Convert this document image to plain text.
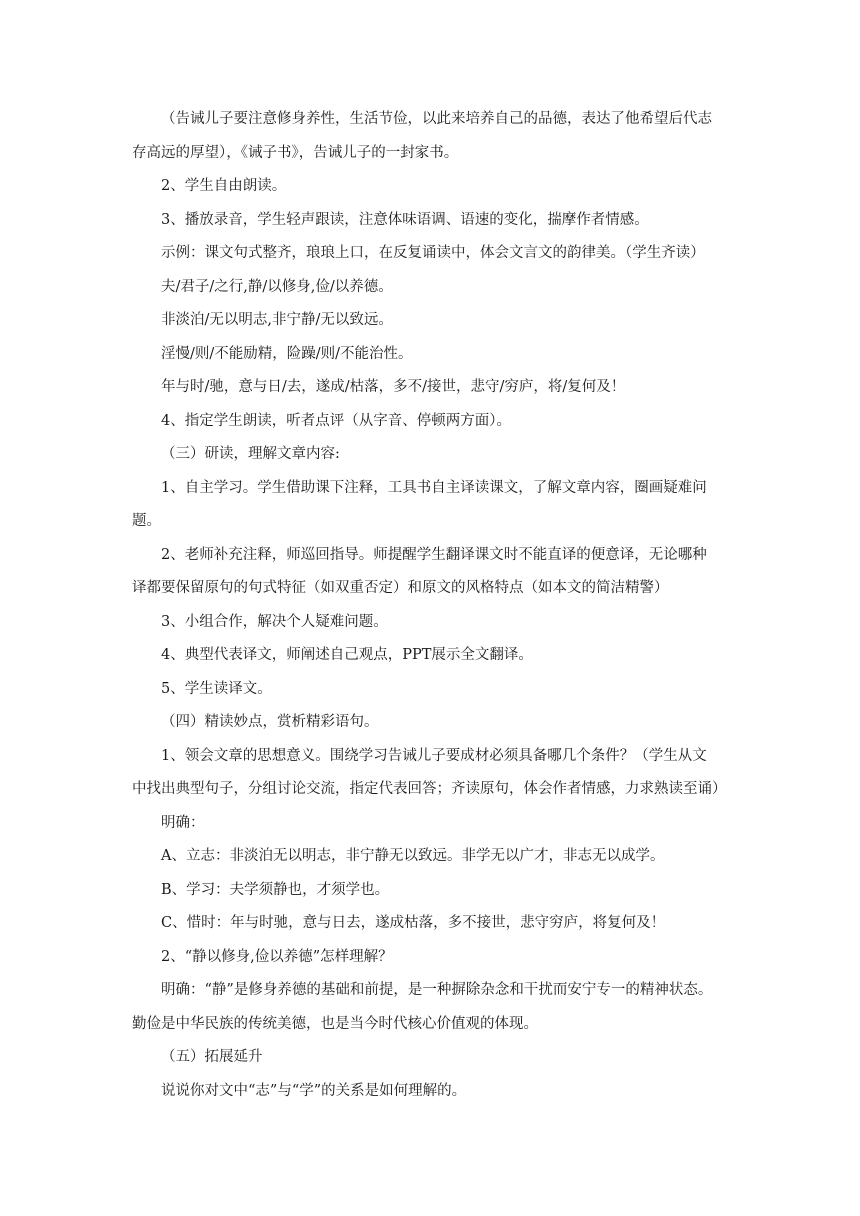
（告诫儿子要注意修身养性，生活节俭，以此来培养自己的品德，表达了他希望后代志

存高远的厚望），《诫子书》，告诫儿子的一封家书。

2、学生自由朗读。

3、播放录音，学生轻声跟读，注意体味语调、语速的变化，揣摩作者情感。

示例：课文句式整齐，琅琅上口，在反复诵读中，体会文言文的韵律美。（学生齐读）

夫/君子/之行,静/以修身,俭/以养德。

非淡泊/无以明志,非宁静/无以致远。

淫慢/则/不能励精，险躁/则/不能治性。

年与时/驰，意与日/去，遂成/枯落，多不/接世，悲守/穷庐，将/复何及！

4、指定学生朗读，听者点评（从字音、停顿两方面）。

（三）研读，理解文章内容:

1、自主学习。学生借助课下注释，工具书自主译读课文，了解文章内容，圈画疑难问

题。

2、老师补充注释，师巡回指导。师提醒学生翻译课文时不能直译的便意译，无论哪种

译都要保留原句的句式特征（如双重否定）和原文的风格特点（如本文的简洁精警）

3、小组合作，解决个人疑难问题。

4、典型代表译文，师阐述自己观点，PPT展示全文翻译。

5、学生读译文。

（四）精读妙点，赏析精彩语句。

1、领会文章的思想意义。围绕学习告诫儿子要成材必须具备哪几个条件？（学生从文

中找出典型句子，分组讨论交流，指定代表回答；齐读原句，体会作者情感，力求熟读至诵）

明确：

A、立志：非淡泊无以明志，非宁静无以致远。非学无以广才，非志无以成学。

B、学习：夫学须静也，才须学也。

C、惜时：年与时驰，意与日去，遂成枯落，多不接世，悲守穷庐，将复何及！

2、“静以修身,俭以养德”怎样理解？

明确：“静”是修身养德的基础和前提，是一种摒除杂念和干扰而安宁专一的精神状态。

勤俭是中华民族的传统美德，也是当今时代核心价值观的体现。

（五）拓展延升

说说你对文中“志”与“学”的关系是如何理解的。
